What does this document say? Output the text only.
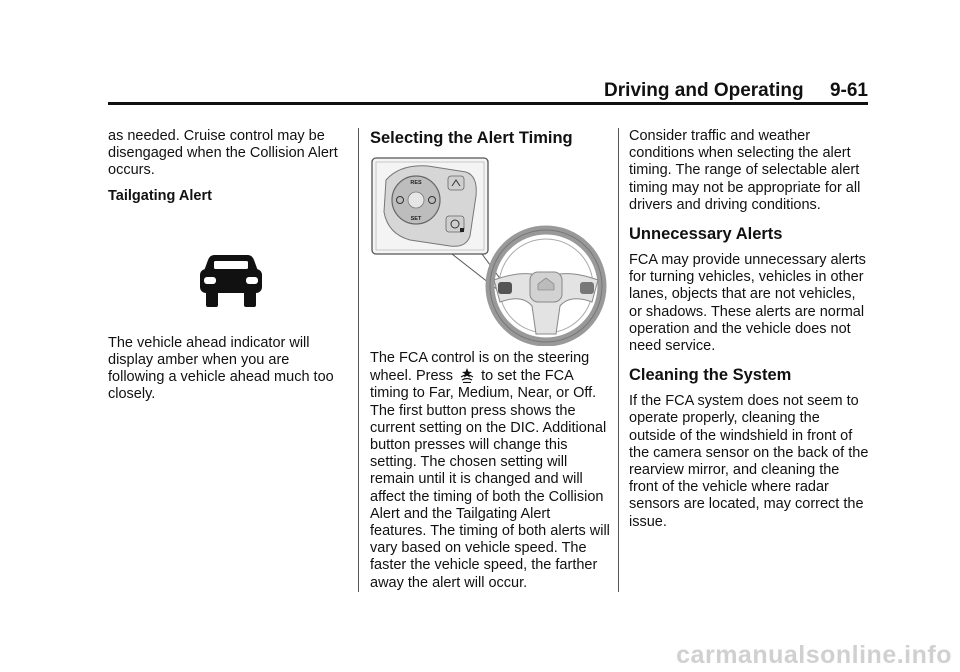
Driving and Operating     9-61

as needed. Cruise control may be disengaged when the Collision Alert occurs.

Tailgating Alert

The vehicle ahead indicator will display amber when you are following a vehicle ahead much too closely.

Selecting the Alert Timing
RES
SET

The FCA control is on the steering wheel. Press to set the FCA timing to Far, Medium, Near, or Off. The first button press shows the current setting on the DIC. Additional button presses will change this setting. The chosen setting will remain until it is changed and will affect the timing of both the Collision Alert and the Tailgating Alert features. The timing of both alerts will vary based on vehicle speed. The faster the vehicle speed, the farther away the alert will occur.

Consider traffic and weather conditions when selecting the alert timing. The range of selectable alert timing may not be appropriate for all drivers and driving conditions.

Unnecessary Alerts

FCA may provide unnecessary alerts for turning vehicles, vehicles in other lanes, objects that are not vehicles, or shadows. These alerts are normal operation and the vehicle does not need service.

Cleaning the System

If the FCA system does not seem to operate properly, cleaning the outside of the windshield in front of the camera sensor on the back of the rearview mirror, and cleaning the front of the vehicle where radar sensors are located, may correct the issue.

carmanualsonline.info
